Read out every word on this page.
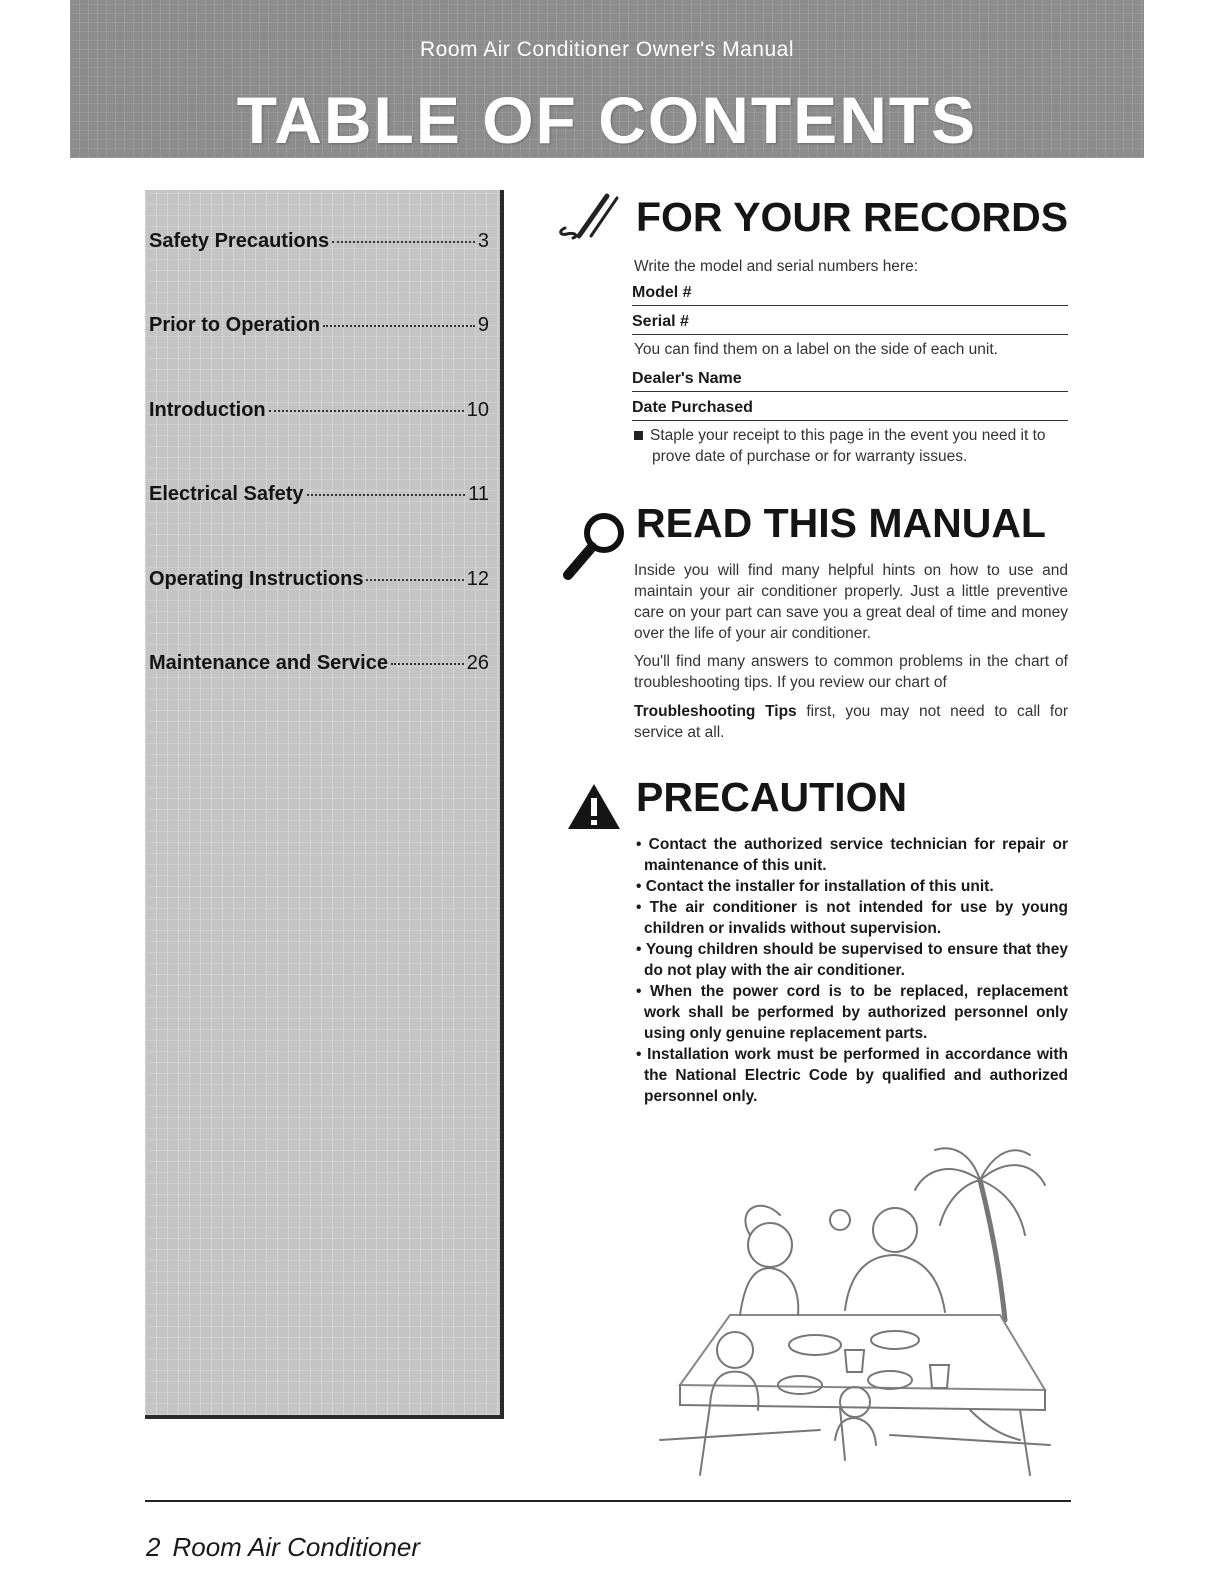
Room Air Conditioner Owner's Manual
TABLE OF CONTENTS
Safety Precautions	3
Prior to Operation	9
Introduction	10
Electrical Safety	11
Operating Instructions	12
Maintenance and Service	26
FOR YOUR RECORDS
Write the model and serial numbers here:
Model #
Serial #
You can find them on a label on the side of each unit.
Dealer's Name
Date Purchased
Staple your receipt to this page in the event you need it to prove date of purchase or for warranty issues.
READ THIS MANUAL
Inside you will find many helpful hints on how to use and maintain your air conditioner properly. Just a little preventive care on your part can save you a great deal of time and money over the life of your air conditioner.
You'll find many answers to common problems in the chart of troubleshooting tips. If you review our chart of
Troubleshooting Tips first, you may not need to call for service at all.
PRECAUTION

• Contact the authorized service technician for repair or maintenance of this unit.

• Contact the installer for installation of this unit.

• The air conditioner is not intended for use by young children or invalids without supervision.

• Young children should be supervised to ensure that they do not play with the air conditioner.

• When the power cord is to be replaced, replacement work shall be performed by authorized personnel only using only genuine replacement parts.

• Installation work must be performed in accordance with the National Electric Code by qualified and authorized personnel only.

2 Room Air Conditioner
